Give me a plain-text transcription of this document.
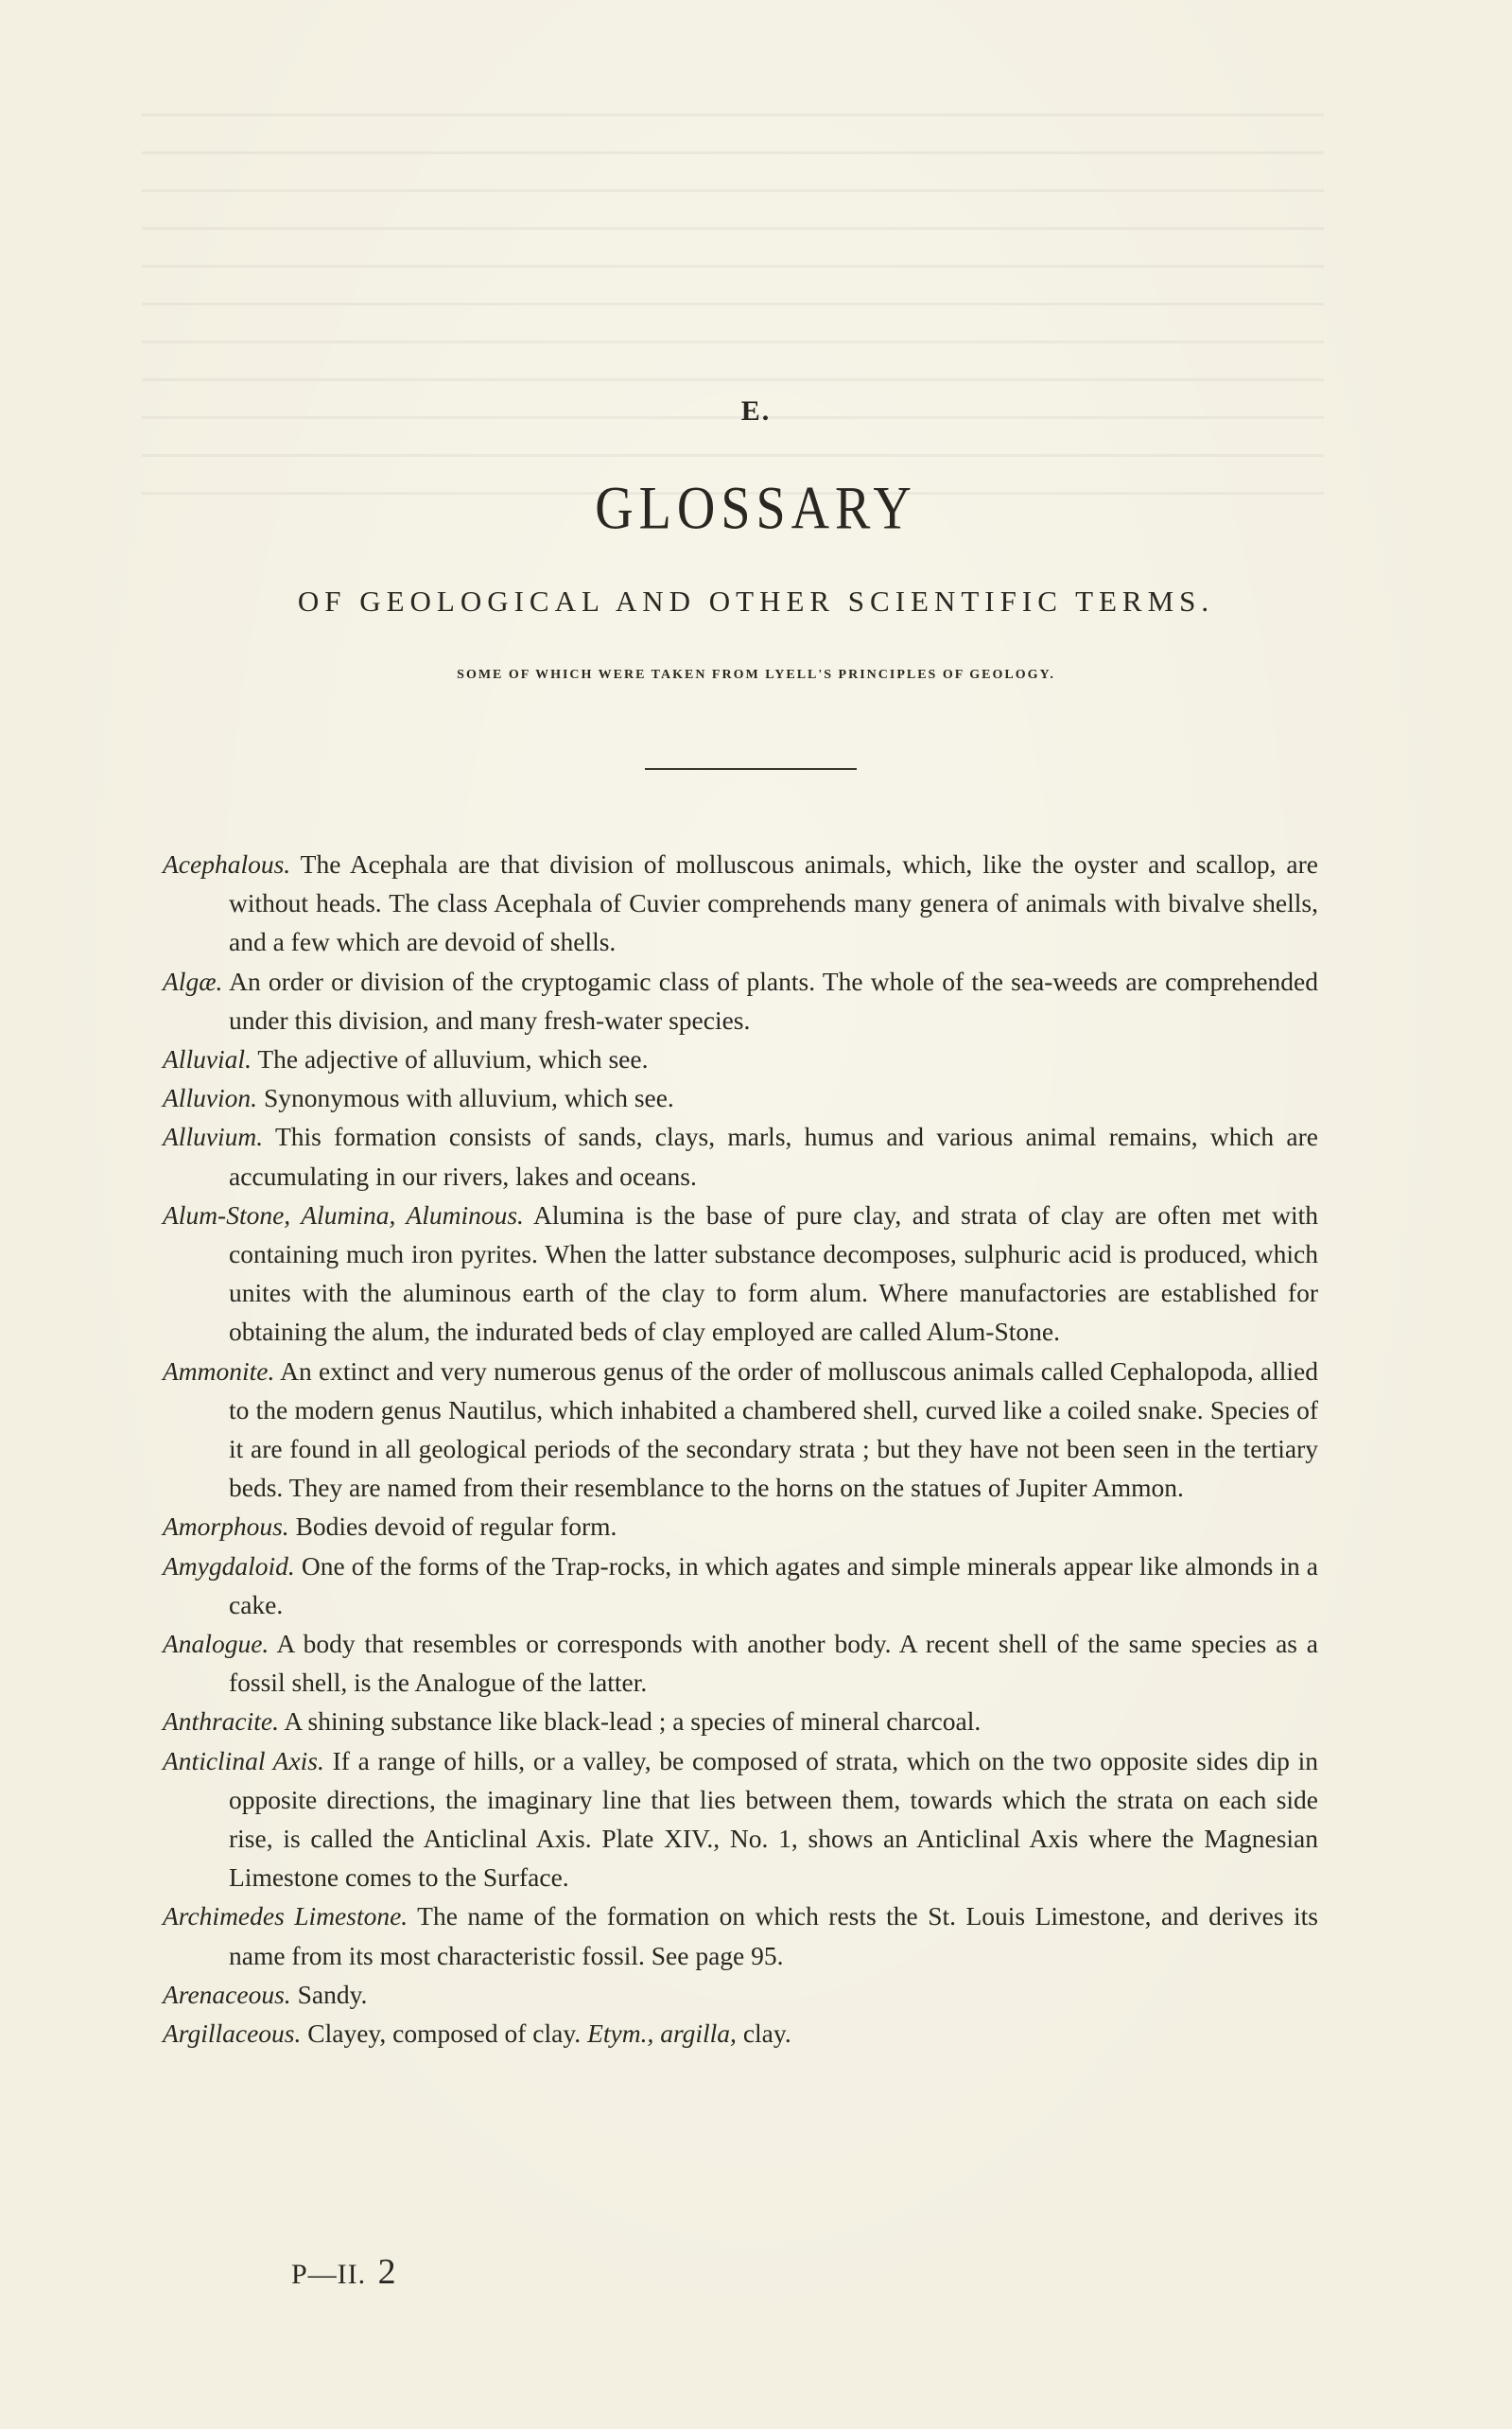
E.
GLOSSARY
OF GEOLOGICAL AND OTHER SCIENTIFIC TERMS.
SOME OF WHICH WERE TAKEN FROM LYELL'S PRINCIPLES OF GEOLOGY.

Acephalous. The Acephala are that division of molluscous animals, which, like the oyster and scallop, are without heads. The class Acephala of Cuvier comprehends many genera of animals with bivalve shells, and a few which are devoid of shells.

Algæ. An order or division of the cryptogamic class of plants. The whole of the sea-weeds are comprehended under this division, and many fresh-water species.

Alluvial. The adjective of alluvium, which see.

Alluvion. Synonymous with alluvium, which see.

Alluvium. This formation consists of sands, clays, marls, humus and various animal remains, which are accumulating in our rivers, lakes and oceans.

Alum-Stone, Alumina, Aluminous. Alumina is the base of pure clay, and strata of clay are often met with containing much iron pyrites. When the latter substance decomposes, sulphuric acid is produced, which unites with the aluminous earth of the clay to form alum. Where manufactories are established for obtaining the alum, the indurated beds of clay employed are called Alum-Stone.

Ammonite. An extinct and very numerous genus of the order of molluscous animals called Cephalopoda, allied to the modern genus Nautilus, which inhabited a chambered shell, curved like a coiled snake. Species of it are found in all geological periods of the secondary strata ; but they have not been seen in the tertiary beds. They are named from their resemblance to the horns on the statues of Jupiter Ammon.

Amorphous. Bodies devoid of regular form.

Amygdaloid. One of the forms of the Trap-rocks, in which agates and simple minerals appear like almonds in a cake.

Analogue. A body that resembles or corresponds with another body. A recent shell of the same species as a fossil shell, is the Analogue of the latter.

Anthracite. A shining substance like black-lead ; a species of mineral charcoal.

Anticlinal Axis. If a range of hills, or a valley, be composed of strata, which on the two opposite sides dip in opposite directions, the imaginary line that lies between them, towards which the strata on each side rise, is called the Anticlinal Axis. Plate XIV., No. 1, shows an Anticlinal Axis where the Magnesian Limestone comes to the Surface.

Archimedes Limestone. The name of the formation on which rests the St. Louis Limestone, and derives its name from its most characteristic fossil. See page 95.

Arenaceous. Sandy.

Argillaceous. Clayey, composed of clay. Etym., argilla, clay.

P—II. 2
